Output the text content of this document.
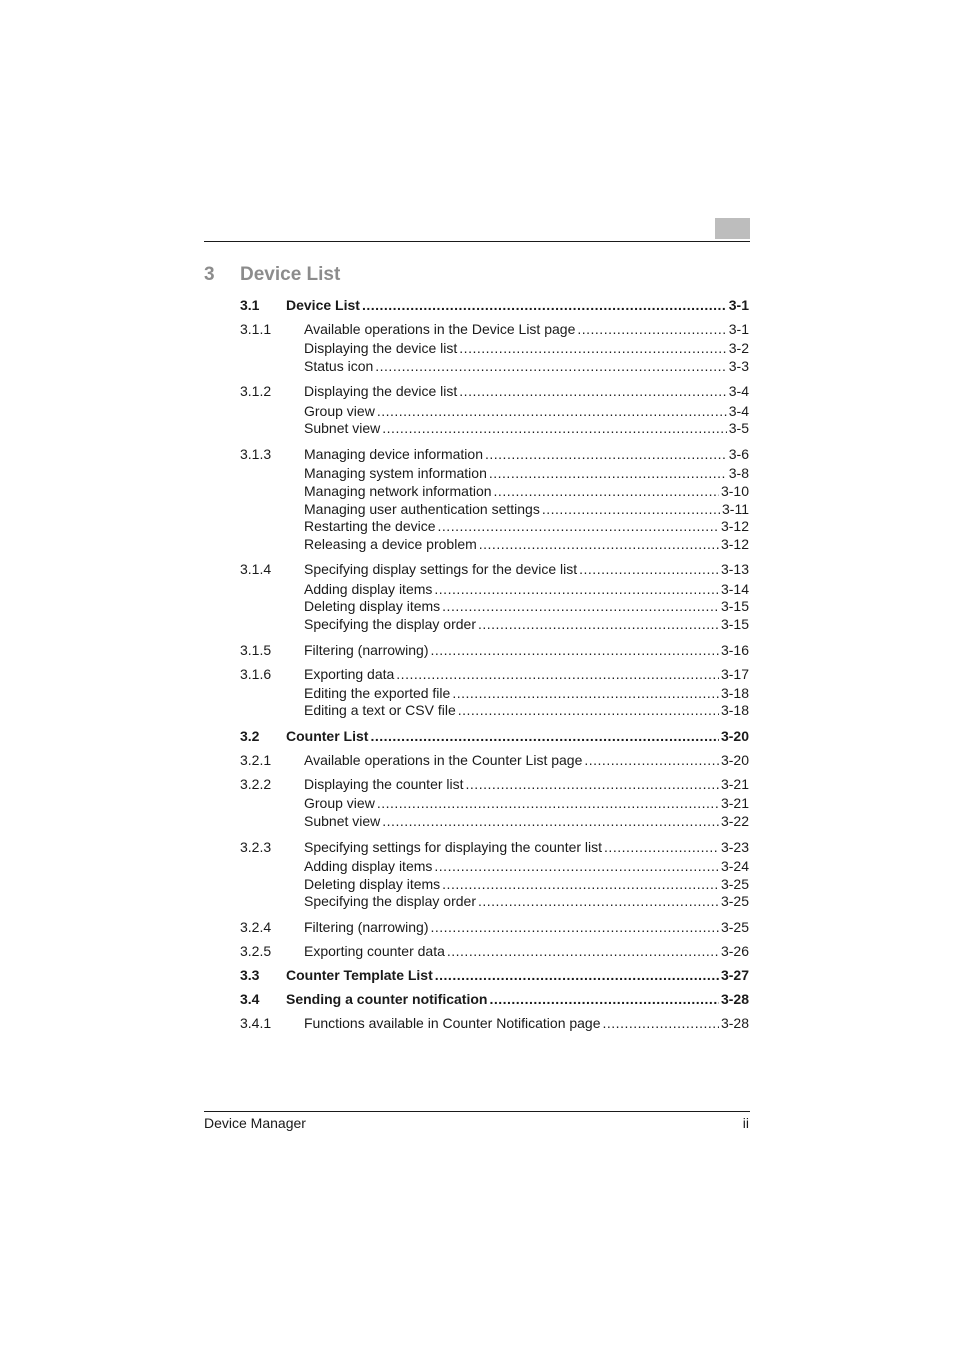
3 Device List
3.1 Device List .....	3-1
3.1.1 Available operations in the Device List page .....	3-1
Displaying the device list .....	3-2
Status icon .....	3-3
3.1.2 Displaying the device list .....	3-4
Group view .....	3-4
Subnet view .....	3-5
3.1.3 Managing device information .....	3-6
Managing system information .....	3-8
Managing network information .....	3-10
Managing user authentication settings .....	3-11
Restarting the device .....	3-12
Releasing a device problem .....	3-12
3.1.4 Specifying display settings for the device list .....	3-13
Adding display items .....	3-14
Deleting display items .....	3-15
Specifying the display order .....	3-15
3.1.5 Filtering (narrowing) .....	3-16
3.1.6 Exporting data .....	3-17
Editing the exported file .....	3-18
Editing a text or CSV file .....	3-18
3.2 Counter List .....	3-20
3.2.1 Available operations in the Counter List page .....	3-20
3.2.2 Displaying the counter list .....	3-21
Group view .....	3-21
Subnet view .....	3-22
3.2.3 Specifying settings for displaying the counter list .....	3-23
Adding display items .....	3-24
Deleting display items .....	3-25
Specifying the display order .....	3-25
3.2.4 Filtering (narrowing) .....	3-25
3.2.5 Exporting counter data .....	3-26
3.3 Counter Template List .....	3-27
3.4 Sending a counter notification .....	3-28
3.4.1 Functions available in Counter Notification page .....	3-28
Device Manager	ii
